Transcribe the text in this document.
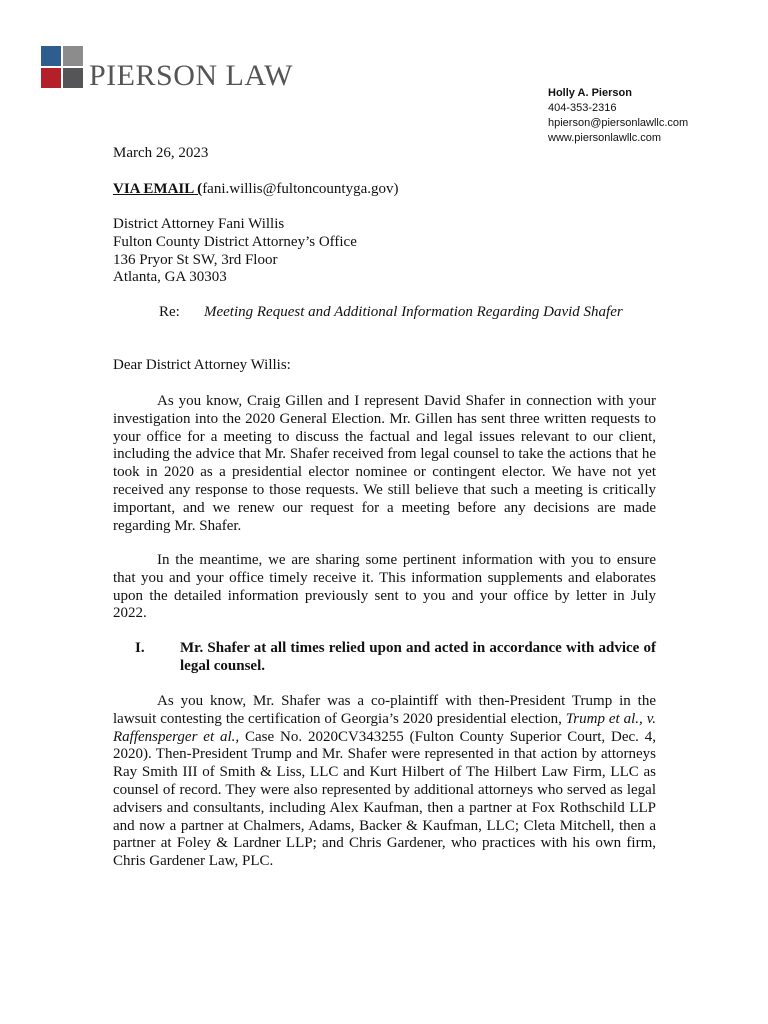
PIERSON LAW
Holly A. Pierson
404-353-2316
hpierson@piersonlawllc.com
www.piersonlawllc.com
March 26, 2023
VIA EMAIL (fani.willis@fultoncountyga.gov)
District Attorney Fani Willis
Fulton County District Attorney’s Office
136 Pryor St SW, 3rd Floor
Atlanta, GA 30303
Re: Meeting Request and Additional Information Regarding David Shafer
Dear District Attorney Willis:
As you know, Craig Gillen and I represent David Shafer in connection with your investigation into the 2020 General Election. Mr. Gillen has sent three written requests to your office for a meeting to discuss the factual and legal issues relevant to our client, including the advice that Mr. Shafer received from legal counsel to take the actions that he took in 2020 as a presidential elector nominee or contingent elector. We have not yet received any response to those requests. We still believe that such a meeting is critically important, and we renew our request for a meeting before any decisions are made regarding Mr. Shafer.
In the meantime, we are sharing some pertinent information with you to ensure that you and your office timely receive it. This information supplements and elaborates upon the detailed information previously sent to you and your office by letter in July 2022.
I. Mr. Shafer at all times relied upon and acted in accordance with advice of legal counsel.
As you know, Mr. Shafer was a co-plaintiff with then-President Trump in the lawsuit contesting the certification of Georgia’s 2020 presidential election, Trump et al., v. Raffensperger et al., Case No. 2020CV343255 (Fulton County Superior Court, Dec. 4, 2020). Then-President Trump and Mr. Shafer were represented in that action by attorneys Ray Smith III of Smith & Liss, LLC and Kurt Hilbert of The Hilbert Law Firm, LLC as counsel of record. They were also represented by additional attorneys who served as legal advisers and consultants, including Alex Kaufman, then a partner at Fox Rothschild LLP and now a partner at Chalmers, Adams, Backer & Kaufman, LLC; Cleta Mitchell, then a partner at Foley & Lardner LLP; and Chris Gardener, who practices with his own firm, Chris Gardener Law, PLC.
